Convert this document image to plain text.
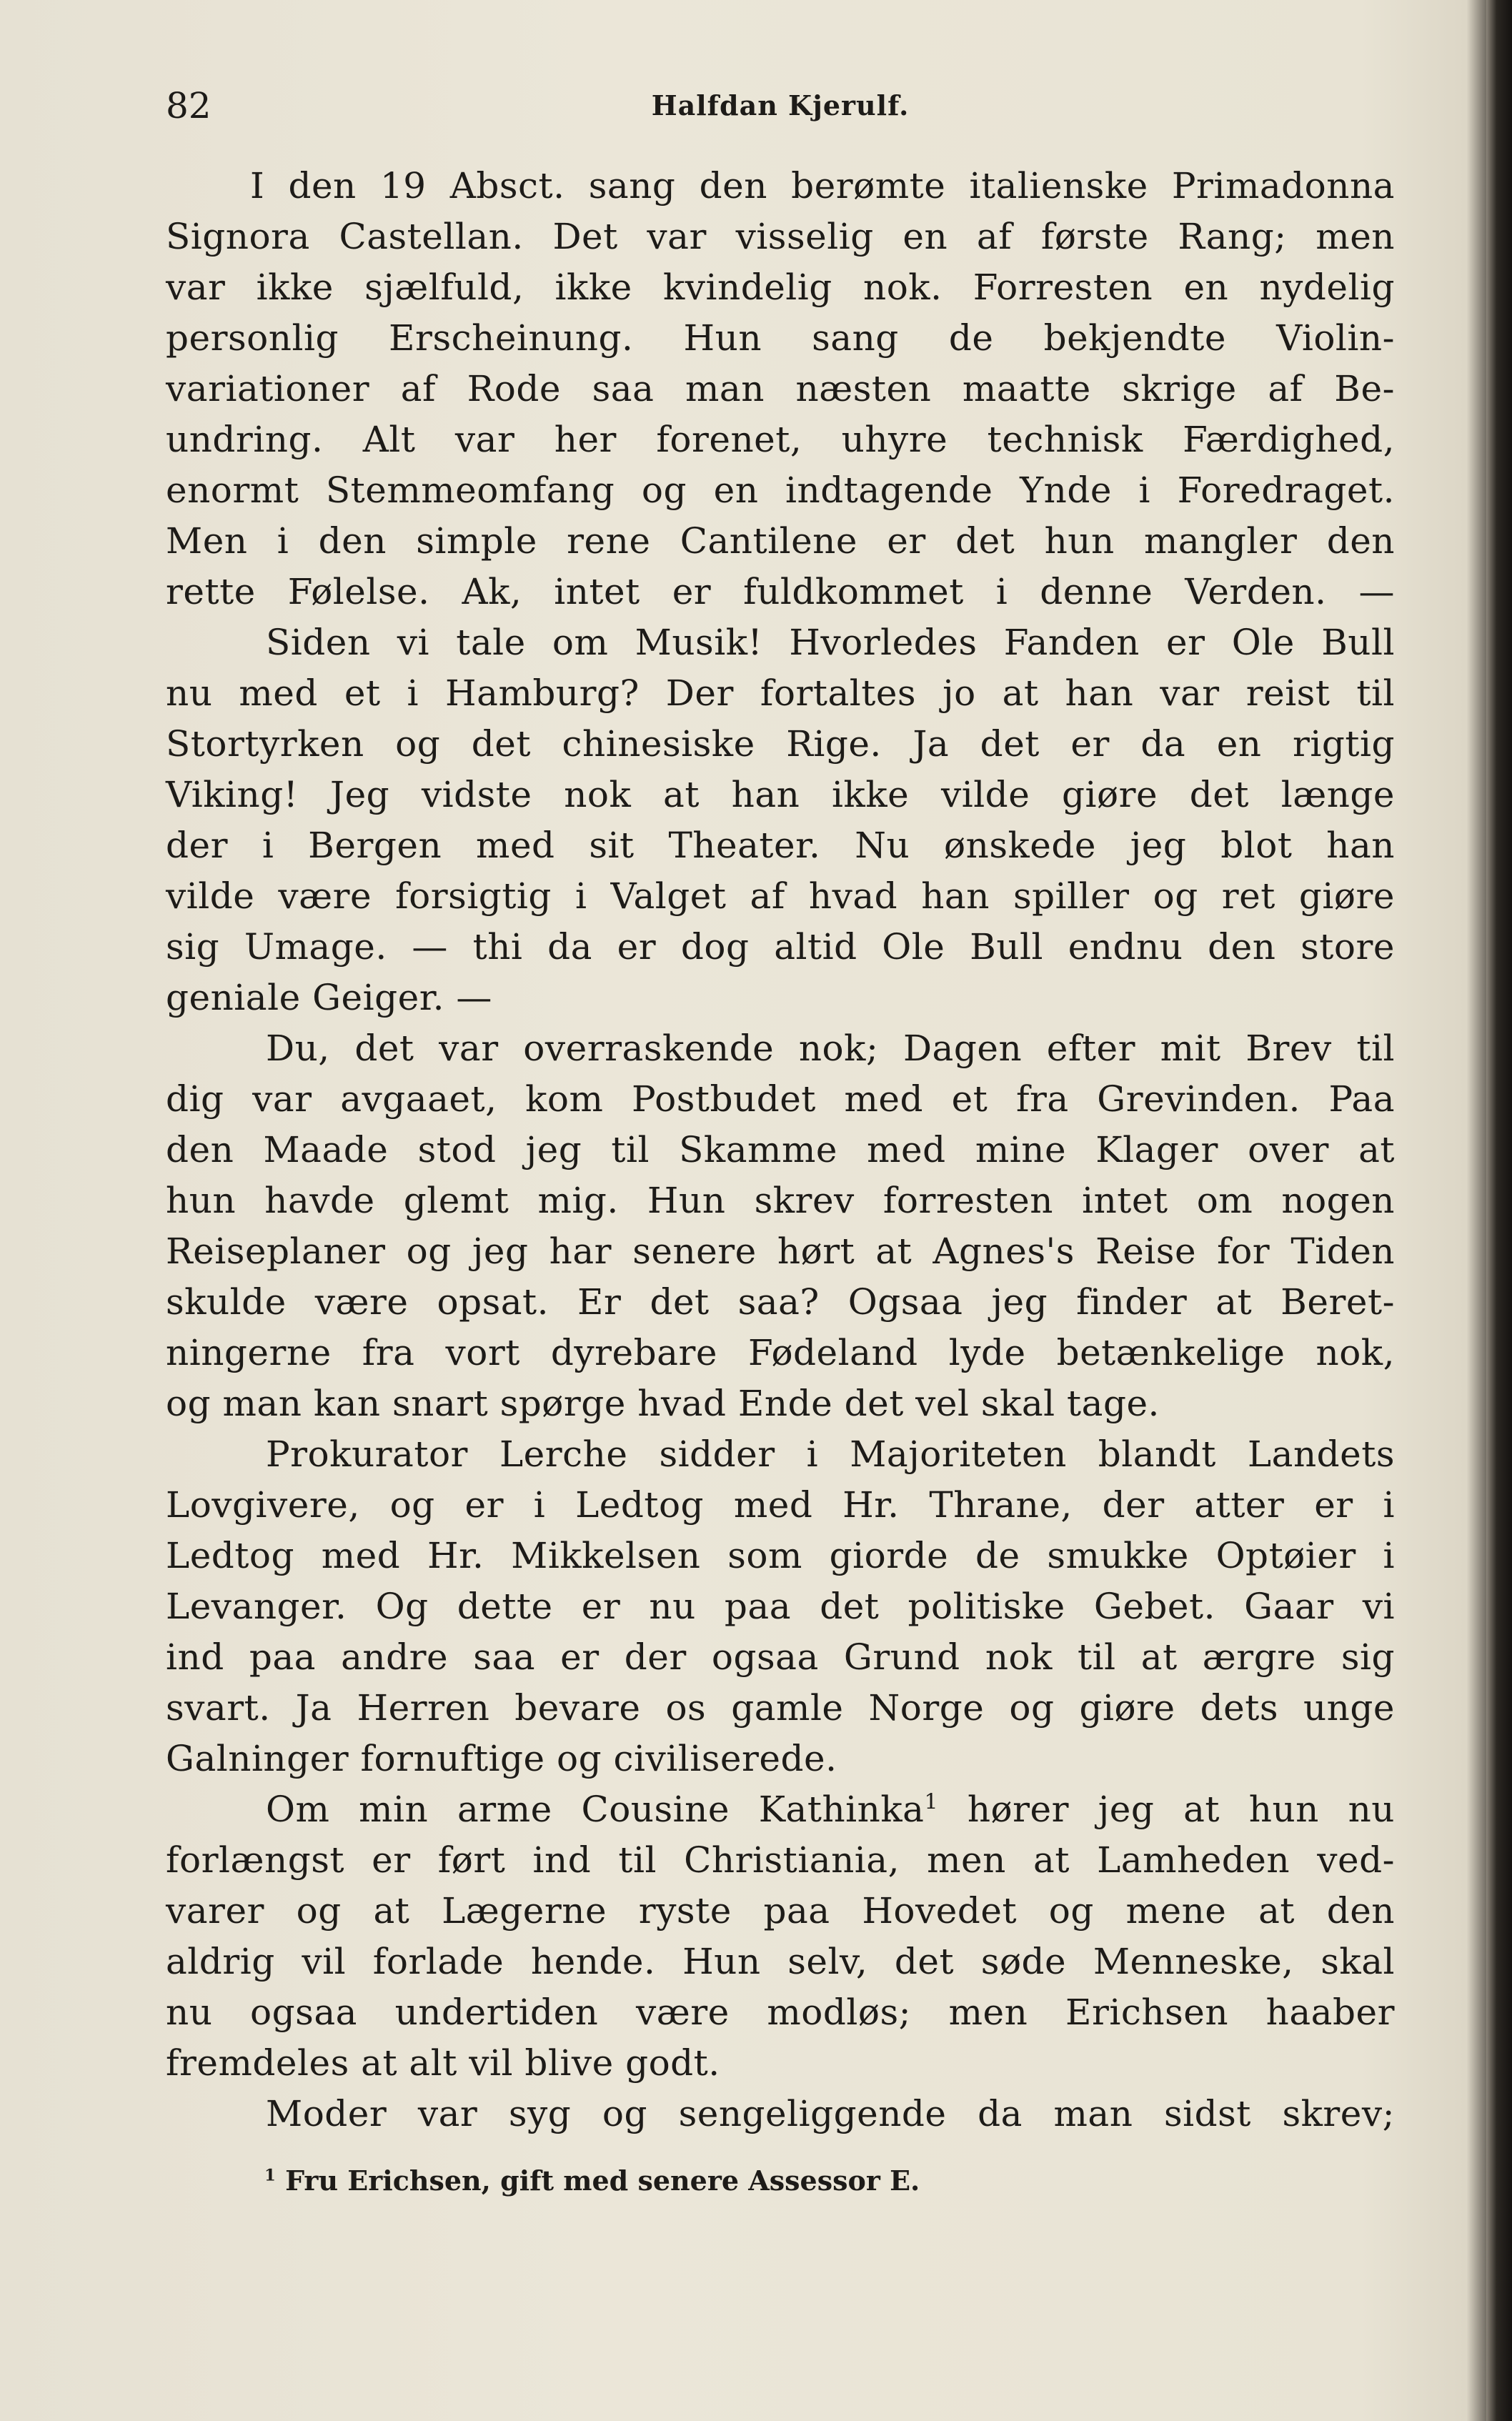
82	Halfdan Kjerulf.
I den 19 Absct. sang den berømte italienske Primadonna
Signora Castellan. Det var visselig en af første Rang; men
var ikke sjælfuld, ikke kvindelig nok. Forresten en nydelig
personlig Erscheinung. Hun sang de bekjendte Violin-
variationer af Rode saa man næsten maatte skrige af Be-
undring. Alt var her forenet, uhyre technisk Færdighed,
enormt Stemmeomfang og en indtagende Ynde i Foredraget.
Men i den simple rene Cantilene er det hun mangler den
rette Følelse. Ak, intet er fuldkommet i denne Verden. —
Siden vi tale om Musik! Hvorledes Fanden er Ole Bull
nu med et i Hamburg? Der fortaltes jo at han var reist til
Stortyrken og det chinesiske Rige. Ja det er da en rigtig
Viking! Jeg vidste nok at han ikke vilde giøre det længe
der i Bergen med sit Theater. Nu ønskede jeg blot han
vilde være forsigtig i Valget af hvad han spiller og ret giøre
sig Umage. — thi da er dog altid Ole Bull endnu den store
geniale Geiger. —
Du, det var overraskende nok; Dagen efter mit Brev til
dig var avgaaet, kom Postbudet med et fra Grevinden. Paa
den Maade stod jeg til Skamme med mine Klager over at
hun havde glemt mig. Hun skrev forresten intet om nogen
Reiseplaner og jeg har senere hørt at Agnes's Reise for Tiden
skulde være opsat. Er det saa? Ogsaa jeg finder at Beret-
ningerne fra vort dyrebare Fødeland lyde betænkelige nok,
og man kan snart spørge hvad Ende det vel skal tage.
Prokurator Lerche sidder i Majoriteten blandt Landets
Lovgivere, og er i Ledtog med Hr. Thrane, der atter er i
Ledtog med Hr. Mikkelsen som giorde de smukke Optøier i
Levanger. Og dette er nu paa det politiske Gebet. Gaar vi
ind paa andre saa er der ogsaa Grund nok til at ærgre sig
svart. Ja Herren bevare os gamle Norge og giøre dets unge
Galninger fornuftige og civiliserede.
Om min arme Cousine Kathinka$^1$ hører jeg at hun nu
forlængst er ført ind til Christiania, men at Lamheden ved-
varer og at Lægerne ryste paa Hovedet og mene at den
aldrig vil forlade hende. Hun selv, det søde Menneske, skal
nu ogsaa undertiden være modløs; men Erichsen haaber
fremdeles at alt vil blive godt.
Moder var syg og sengeliggende da man sidst skrev;
$^1$ Fru Erichsen, gift med senere Assessor E.
